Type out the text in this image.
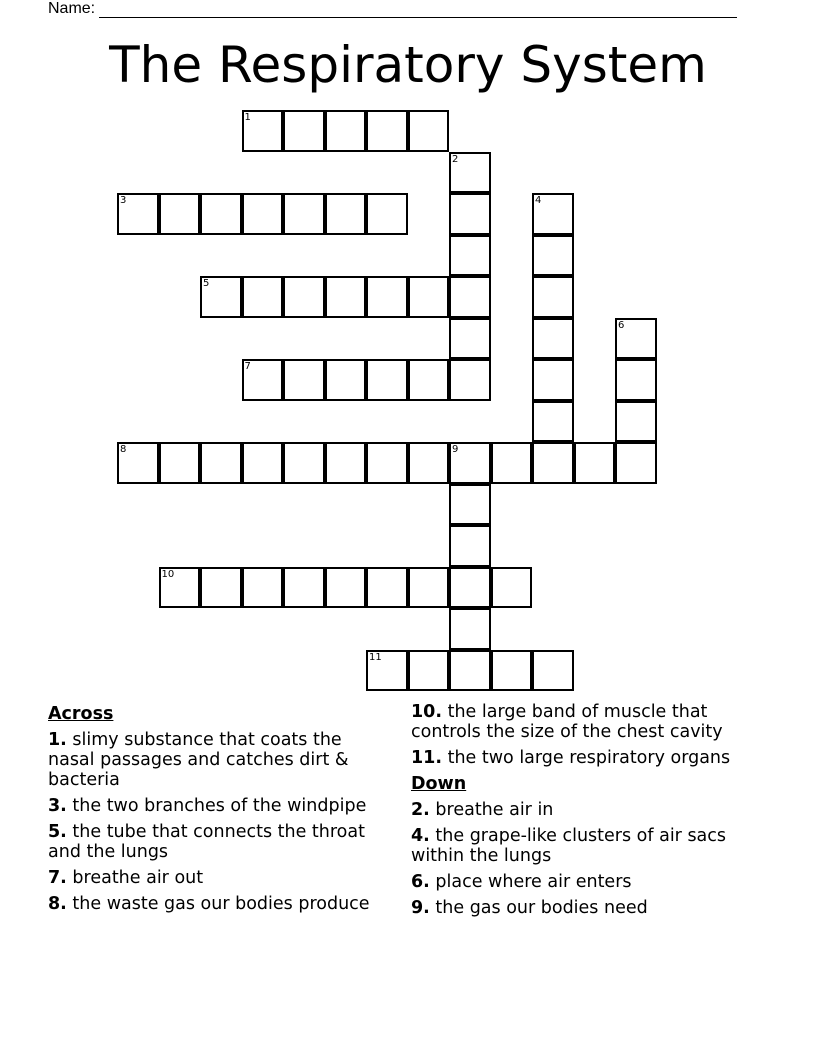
Name:
The Respiratory System
1
2
3	4
5
6
7
8	9
10
11
Across
1. slimy substance that coats the nasal passages and catches dirt & bacteria
3. the two branches of the windpipe
5. the tube that connects the throat and the lungs
7. breathe air out
8. the waste gas our bodies produce
10. the large band of muscle that controls the size of the chest cavity
11. the two large respiratory organs
Down
2. breathe air in
4. the grape-like clusters of air sacs within the lungs
6. place where air enters
9. the gas our bodies need
